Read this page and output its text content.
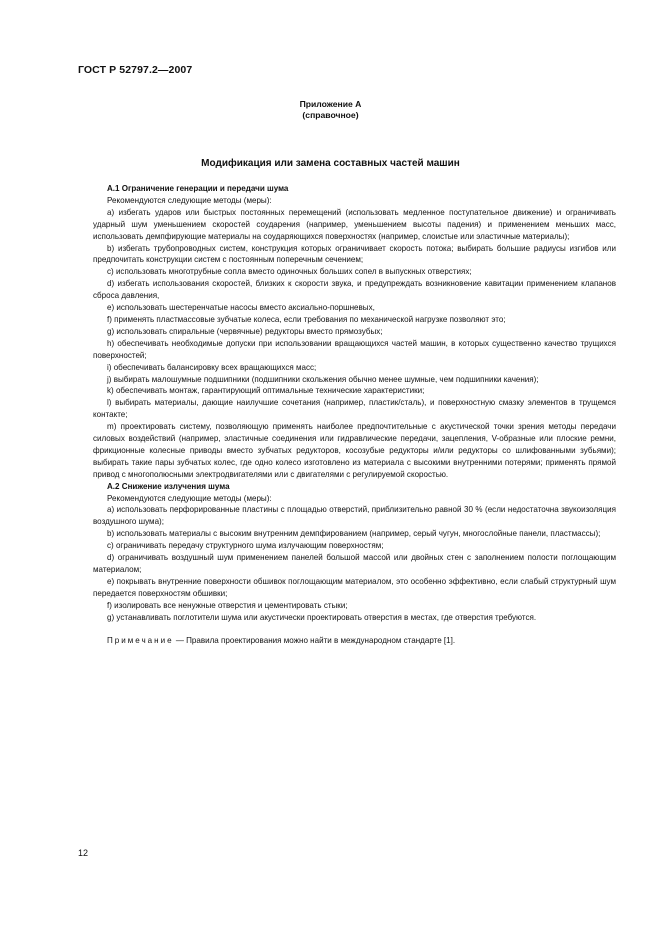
ГОСТ Р 52797.2—2007
Приложение А
(справочное)
Модификация или замена составных частей машин

А.1 Ограничение генерации и передачи шума

Рекомендуются следующие методы (меры):

a) избегать ударов или быстрых постоянных перемещений (использовать медленное поступательное движение) и ограничивать ударный шум уменьшением скоростей соударения (например, уменьшением высоты падения) и применением меньших масс, использовать демпфирующие материалы на соударяющихся поверхностях (например, слоистые или эластичные материалы);

b) избегать трубопроводных систем, конструкция которых ограничивает скорость потока; выбирать большие радиусы изгибов или предпочитать конструкции систем с постоянным поперечным сечением;

c) использовать многотрубные сопла вместо одиночных больших сопел в выпускных отверстиях;

d) избегать использования скоростей, близких к скорости звука, и предупреждать возникновение кавитации применением клапанов сброса давления,

e) использовать шестеренчатые насосы вместо аксиально-поршневых,

f) применять пластмассовые зубчатые колеса, если требования по механической нагрузке позволяют это;

g) использовать спиральные (червячные) редукторы вместо прямозубых;

h) обеспечивать необходимые допуски при использовании вращающихся частей машин, в которых существенно качество трущихся поверхностей;

i) обеспечивать балансировку всех вращающихся масс;

j) выбирать малошумные подшипники (подшипники скольжения обычно менее шумные, чем подшипники качения);

k) обеспечивать монтаж, гарантирующий оптимальные технические характеристики;

l) выбирать материалы, дающие наилучшие сочетания (например, пластик/сталь), и поверхностную смазку элементов в трущемся контакте;

m) проектировать систему, позволяющую применять наиболее предпочтительные с акустической точки зрения методы передачи силовых воздействий (например, эластичные соединения или гидравлические передачи, зацепления, V-образные или плоские ремни, фрикционные колесные приводы вместо зубчатых редукторов, косозубые редукторы и/или редукторы со шлифованными зубьями); выбирать такие пары зубчатых колес, где одно колесо изготовлено из материала с высокими внутренними потерями; применять прямой привод с многополюсными электродвигателями или с двигателями с регулируемой скоростью.

А.2 Снижение излучения шума

Рекомендуются следующие методы (меры):

a) использовать перфорированные пластины с площадью отверстий, приблизительно равной 30 % (если недостаточна звукоизоляция воздушного шума);

b) использовать материалы с высоким внутренним демпфированием (например, серый чугун, многослойные панели, пластмассы);

c) ограничивать передачу структурного шума излучающим поверхностям;

d) ограничивать воздушный шум применением панелей большой массой или двойных стен с заполнением полости поглощающим материалом;

e) покрывать внутренние поверхности обшивок поглощающим материалом, это особенно эффективно, если слабый структурный шум передается поверхностям обшивки;

f) изолировать все ненужные отверстия и цементировать стыки;

g) устанавливать поглотители шума или акустически проектировать отверстия в местах, где отверстия требуются.

Примечание — Правила проектирования можно найти в международном стандарте [1].

12
